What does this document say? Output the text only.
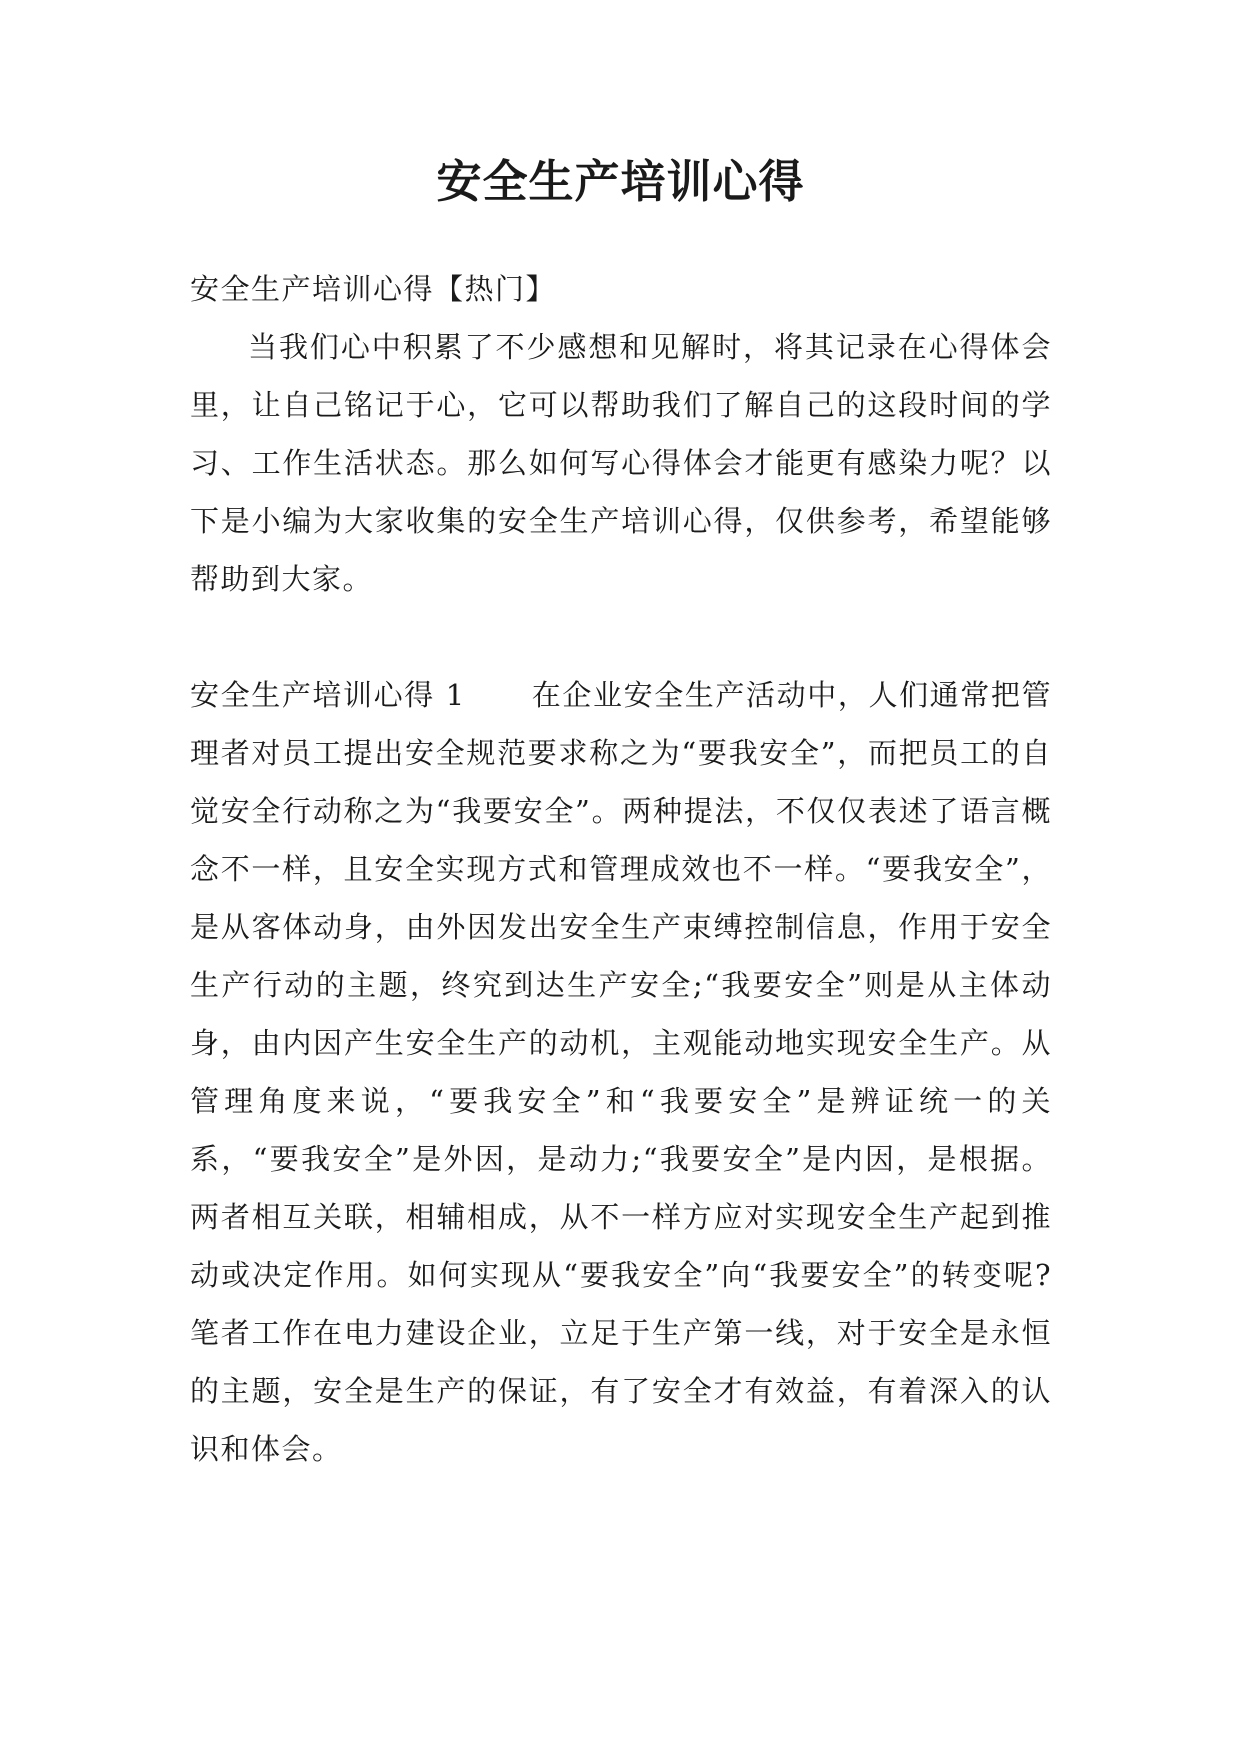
安全生产培训心得

安全生产培训心得【热门】

当我们心中积累了不少感想和见解时，将其记录在心得体会里，让自己铭记于心，它可以帮助我们了解自己的这段时间的学习、工作生活状态。那么如何写心得体会才能更有感染力呢？以下是小编为大家收集的安全生产培训心得，仅供参考，希望能够帮助到大家。

安全生产培训心得 1 在企业安全生产活动中，人们通常把管理者对员工提出安全规范要求称之为“要我安全”，而把员工的自觉安全行动称之为“我要安全”。两种提法，不仅仅表述了语言概念不一样，且安全实现方式和管理成效也不一样。“要我安全”，是从客体动身，由外因发出安全生产束缚控制信息，作用于安全生产行动的主题，终究到达生产安全;“我要安全”则是从主体动身，由内因产生安全生产的动机，主观能动地实现安全生产。从管理角度来说，“要我安全”和“我要安全”是辨证统一的关系，“要我安全”是外因，是动力;“我要安全”是内因，是根据。两者相互关联，相辅相成，从不一样方应对实现安全生产起到推动或决定作用。如何实现从“要我安全”向“我要安全”的转变呢?笔者工作在电力建设企业，立足于生产第一线，对于安全是永恒的主题，安全是生产的保证，有了安全才有效益，有着深入的认识和体会。
